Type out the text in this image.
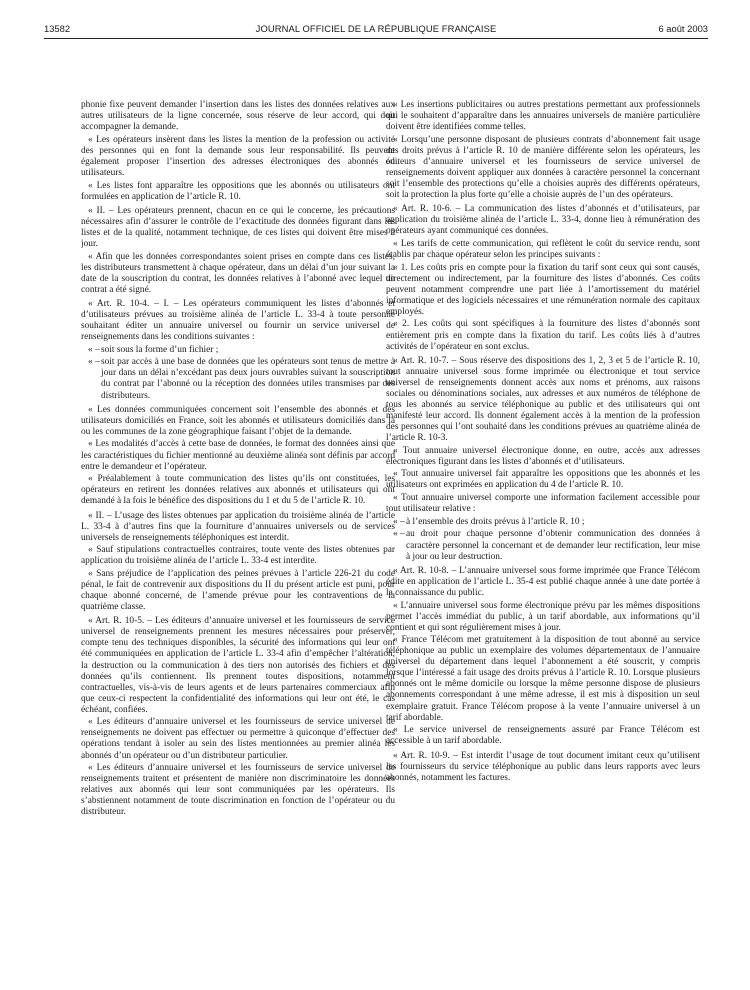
13582	JOURNAL OFFICIEL DE LA RÉPUBLIQUE FRANÇAISE	6 août 2003

phonie fixe peuvent demander l’insertion dans les listes des données relatives aux autres utilisateurs de la ligne concernée, sous réserve de leur accord, qui doit accompagner la demande.

« Les opérateurs insèrent dans les listes la mention de la profession ou activité des personnes qui en font la demande sous leur responsabilité. Ils peuvent également proposer l’insertion des adresses électroniques des abonnés ou utilisateurs.

« Les listes font apparaître les oppositions que les abonnés ou utilisateurs ont formulées en application de l’article R. 10.

« II. – Les opérateurs prennent, chacun en ce qui le concerne, les précautions nécessaires afin d’assurer le contrôle de l’exactitude des données figurant dans les listes et de la qualité, notamment technique, de ces listes qui doivent être mises à jour.

« Afin que les données correspondantes soient prises en compte dans ces listes, les distributeurs transmettent à chaque opérateur, dans un délai d’un jour suivant la date de la souscription du contrat, les données relatives à l’abonné avec lequel un contrat a été signé.

« Art. R. 10-4. – I. – Les opérateurs communiquent les listes d’abonnés et d’utilisateurs prévues au troisième alinéa de l’article L. 33-4 à toute personne souhaitant éditer un annuaire universel ou fournir un service universel de renseignements dans les conditions suivantes :

« – soit sous la forme d’un fichier ;

« – soit par accès à une base de données que les opérateurs sont tenus de mettre à jour dans un délai n’excédant pas deux jours ouvrables suivant la souscription du contrat par l’abonné ou la réception des données utiles transmises par des distributeurs.

« Les données communiquées concernent soit l’ensemble des abonnés et des utilisateurs domiciliés en France, soit les abonnés et utilisateurs domiciliés dans la ou les communes de la zone géographique faisant l’objet de la demande.

« Les modalités d’accès à cette base de données, le format des données ainsi que les caractéristiques du fichier mentionné au deuxième alinéa sont définis par accord entre le demandeur et l’opérateur.

« Préalablement à toute communication des listes qu’ils ont constituées, les opérateurs en retirent les données relatives aux abonnés et utilisateurs qui ont demandé à la fois le bénéfice des dispositions du 1 et du 5 de l’article R. 10.

« II. – L’usage des listes obtenues par application du troisième alinéa de l’article L. 33-4 à d’autres fins que la fourniture d’annuaires universels ou de services universels de renseignements téléphoniques est interdit.

« Sauf stipulations contractuelles contraires, toute vente des listes obtenues par application du troisième alinéa de l’article L. 33-4 est interdite.

« Sans préjudice de l’application des peines prévues à l’article 226-21 du code pénal, le fait de contrevenir aux dispositions du II du présent article est puni, pour chaque abonné concerné, de l’amende prévue pour les contraventions de la quatrième classe.

« Art. R. 10-5. – Les éditeurs d’annuaire universel et les fournisseurs de service universel de renseignements prennent les mesures nécessaires pour préserver, compte tenu des techniques disponibles, la sécurité des informations qui leur ont été communiquées en application de l’article L. 33-4 afin d’empêcher l’altération, la destruction ou la communication à des tiers non autorisés des fichiers et des données qu’ils contiennent. Ils prennent toutes dispositions, notamment contractuelles, vis-à-vis de leurs agents et de leurs partenaires commerciaux afin que ceux-ci respectent la confidentialité des informations qui leur ont été, le cas échéant, confiées.

« Les éditeurs d’annuaire universel et les fournisseurs de service universel de renseignements ne doivent pas effectuer ou permettre à quiconque d’effectuer des opérations tendant à isoler au sein des listes mentionnées au premier alinéa les abonnés d’un opérateur ou d’un distributeur particulier.

« Les éditeurs d’annuaire universel et les fournisseurs de service universel de renseignements traitent et présentent de manière non discriminatoire les données relatives aux abonnés qui leur sont communiquées par les opérateurs. Ils s’abstiennent notamment de toute discrimination en fonction de l’opérateur ou du distributeur.

« Les insertions publicitaires ou autres prestations permettant aux professionnels qui le souhaitent d’apparaître dans les annuaires universels de manière particulière doivent être identifiées comme telles.

« Lorsqu’une personne disposant de plusieurs contrats d’abonnement fait usage des droits prévus à l’article R. 10 de manière différente selon les opérateurs, les éditeurs d’annuaire universel et les fournisseurs de service universel de renseignements doivent appliquer aux données à caractère personnel la concernant soit l’ensemble des protections qu’elle a choisies auprès des différents opérateurs, soit la protection la plus forte qu’elle a choisie auprès de l’un des opérateurs.

« Art. R. 10-6. – La communication des listes d’abonnés et d’utilisateurs, par application du troisième alinéa de l’article L. 33-4, donne lieu à rémunération des opérateurs ayant communiqué ces données.

« Les tarifs de cette communication, qui reflètent le coût du service rendu, sont établis par chaque opérateur selon les principes suivants :

« 1. Les coûts pris en compte pour la fixation du tarif sont ceux qui sont causés, directement ou indirectement, par la fourniture des listes d’abonnés. Ces coûts peuvent notamment comprendre une part liée à l’amortissement du matériel informatique et des logiciels nécessaires et une rémunération normale des capitaux employés.

« 2. Les coûts qui sont spécifiques à la fourniture des listes d’abonnés sont entièrement pris en compte dans la fixation du tarif. Les coûts liés à d’autres activités de l’opérateur en sont exclus.

« Art. R. 10-7. – Sous réserve des dispositions des 1, 2, 3 et 5 de l’article R. 10, tout annuaire universel sous forme imprimée ou électronique et tout service universel de renseignements donnent accès aux noms et prénoms, aux raisons sociales ou dénominations sociales, aux adresses et aux numéros de téléphone de tous les abonnés au service téléphonique au public et des utilisateurs qui ont manifesté leur accord. Ils donnent également accès à la mention de la profession des personnes qui l’ont souhaité dans les conditions prévues au quatrième alinéa de l’article R. 10-3.

« Tout annuaire universel électronique donne, en outre, accès aux adresses électroniques figurant dans les listes d’abonnés et d’utilisateurs.

« Tout annuaire universel fait apparaître les oppositions que les abonnés et les utilisateurs ont exprimées en application du 4 de l’article R. 10.

« Tout annuaire universel comporte une information facilement accessible pour tout utilisateur relative :

« – à l’ensemble des droits prévus à l’article R. 10 ;

« – au droit pour chaque personne d’obtenir communication des données à caractère personnel la concernant et de demander leur rectification, leur mise à jour ou leur destruction.

« Art. R. 10-8. – L’annuaire universel sous forme imprimée que France Télécom édite en application de l’article L. 35-4 est publié chaque année à une date portée à la connaissance du public.

« L’annuaire universel sous forme électronique prévu par les mêmes dispositions permet l’accès immédiat du public, à un tarif abordable, aux informations qu’il contient et qui sont régulièrement mises à jour.

« France Télécom met gratuitement à la disposition de tout abonné au service téléphonique au public un exemplaire des volumes départementaux de l’annuaire universel du département dans lequel l’abonnement a été souscrit, y compris lorsque l’intéressé a fait usage des droits prévus à l’article R. 10. Lorsque plusieurs abonnés ont le même domicile ou lorsque la même personne dispose de plusieurs abonnements correspondant à une même adresse, il est mis à disposition un seul exemplaire gratuit. France Télécom propose à la vente l’annuaire universel à un tarif abordable.

« Le service universel de renseignements assuré par France Télécom est accessible à un tarif abordable.

« Art. R. 10-9. – Est interdit l’usage de tout document imitant ceux qu’utilisent les fournisseurs du service téléphonique au public dans leurs rapports avec leurs abonnés, notamment les factures.
